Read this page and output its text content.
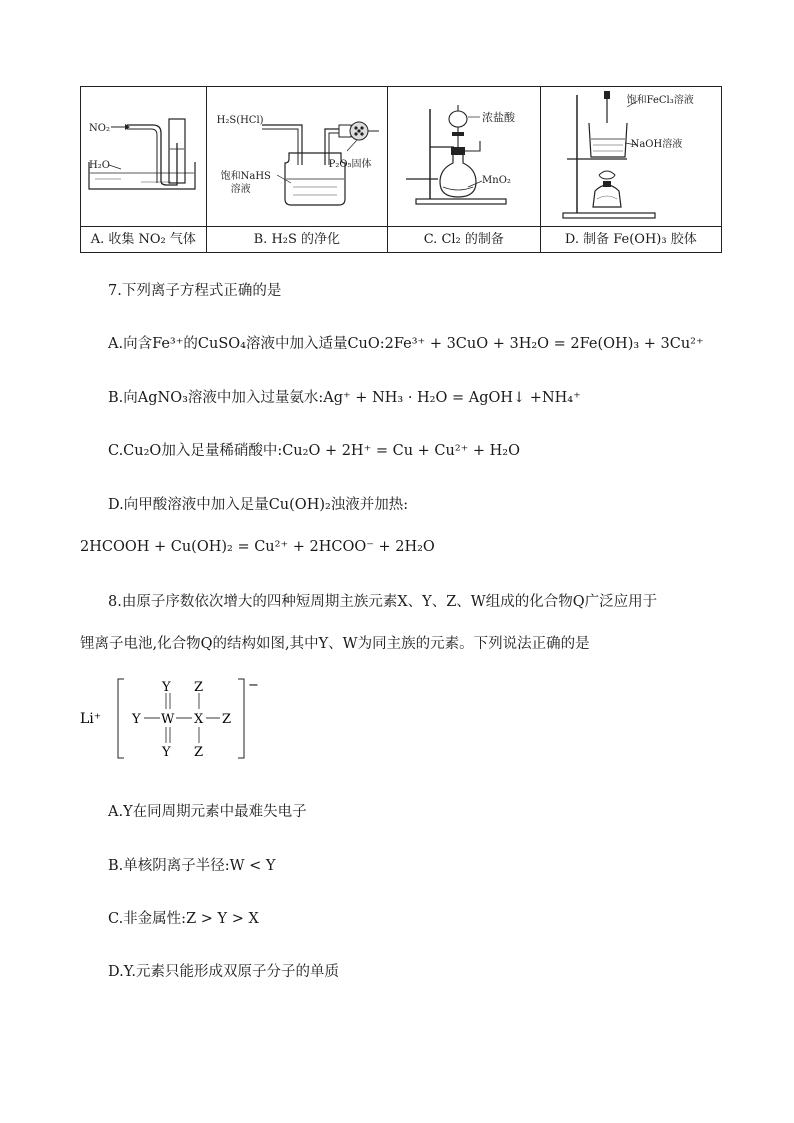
NO₂
H₂O
A. 收集 NO₂ 气体
H₂S(HCl)
饱和NaHS
溶液
P₂O₅固体
B. H₂S 的净化
浓盐酸
MnO₂
C. Cl₂ 的制备
饱和FeCl₃溶液
NaOH溶液
D. 制备 Fe(OH)₃ 胶体
7.下列离子方程式正确的是
A.向含Fe³⁺的CuSO₄溶液中加入适量CuO:2Fe³⁺ + 3CuO + 3H₂O = 2Fe(OH)₃ + 3Cu²⁺
B.向AgNO₃溶液中加入过量氨水:Ag⁺ + NH₃ · H₂O = AgOH↓ +NH₄⁺
C.Cu₂O加入足量稀硝酸中:Cu₂O + 2H⁺ = Cu + Cu²⁺ + H₂O
D.向甲酸溶液中加入足量Cu(OH)₂浊液并加热:
2HCOOH + Cu(OH)₂ = Cu²⁺ + 2HCOO⁻ + 2H₂O
8.由原子序数依次增大的四种短周期主族元素X、Y、Z、W组成的化合物Q广泛应用于
锂离子电池,化合物Q的结构如图,其中Y、W为同主族的元素。下列说法正确的是
Li⁺
−
Y Z
Y W X Z
Y Z
A.Y在同周期元素中最难失电子
B.单核阴离子半径:W < Y
C.非金属性:Z > Y > X
D.Y.元素只能形成双原子分子的单质
